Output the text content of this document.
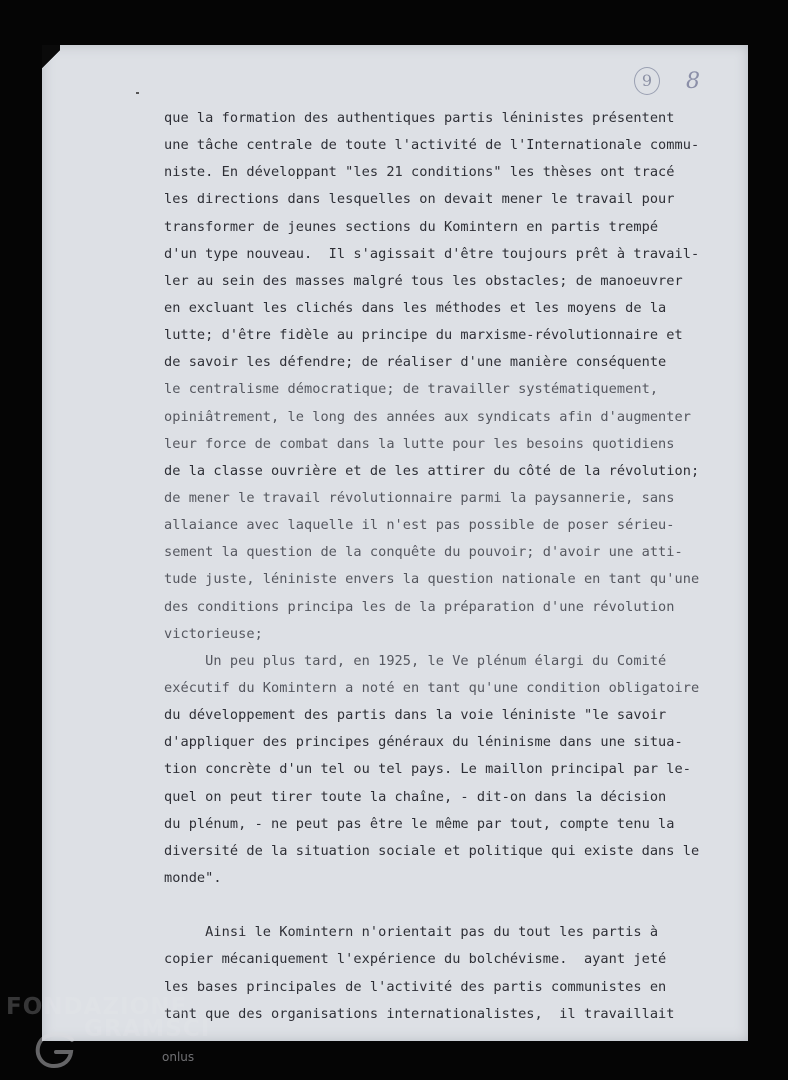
9	8
que la formation des authentiques partis léninistes présentent
une tâche centrale de toute l'activité de l'Internationale commu-
niste. En développant "les 21 conditions" les thèses ont tracé
les directions dans lesquelles on devait mener le travail pour
transformer de jeunes sections du Komintern en partis trempé
d'un type nouveau.  Il s'agissait d'être toujours prêt à travail-
ler au sein des masses malgré tous les obstacles; de manoeuvrer
en excluant les clichés dans les méthodes et les moyens de la
lutte; d'être fidèle au principe du marxisme-révolutionnaire et
de savoir les défendre; de réaliser d'une manière conséquente
le centralisme démocratique; de travailler systématiquement,
opiniâtrement, le long des années aux syndicats afin d'augmenter
leur force de combat dans la lutte pour les besoins quotidiens
de la classe ouvrière et de les attirer du côté de la révolution;
de mener le travail révolutionnaire parmi la paysannerie, sans
allaiance avec laquelle il n'est pas possible de poser sérieu-
sement la question de la conquête du pouvoir; d'avoir une atti-
tude juste, léniniste envers la question nationale en tant qu'une
des conditions principa les de la préparation d'une révolution
victorieuse;
Un peu plus tard, en 1925, le Ve plénum élargi du Comité
exécutif du Komintern a noté en tant qu'une condition obligatoire
du développement des partis dans la voie léniniste "le savoir
d'appliquer des principes généraux du léninisme dans une situa-
tion concrète d'un tel ou tel pays. Le maillon principal par le-
quel on peut tirer toute la chaîne, - dit-on dans la décision
du plénum, - ne peut pas être le même par tout, compte tenu la
diversité de la situation sociale et politique qui existe dans le
monde".
Ainsi le Komintern n'orientait pas du tout les partis à
copier mécaniquement l'expérience du bolchévisme.  ayant jeté
les bases principales de l'activité des partis communistes en
tant que des organisations internationalistes,  il travaillait
FONDAZIONE
GRAMSCI
onlus
